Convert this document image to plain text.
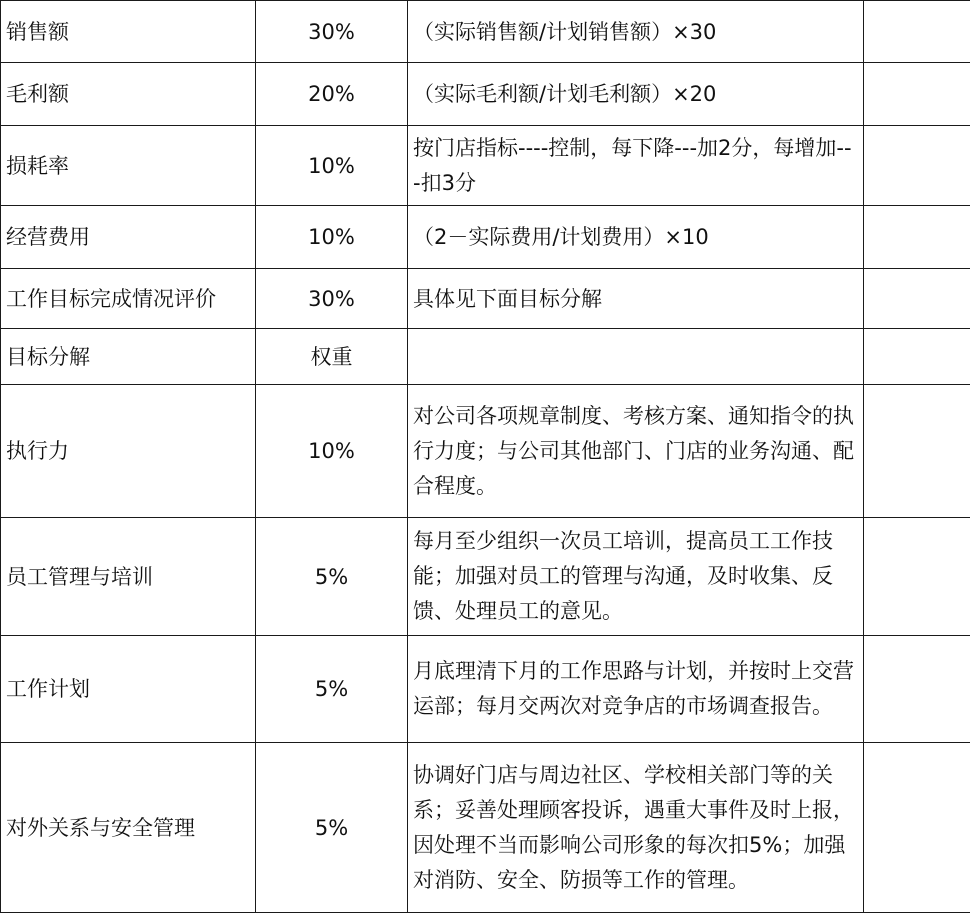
销售额	30%	（实际销售额/计划销售额）×30	
毛利额	20%	（实际毛利额/计划毛利额）×20	
损耗率	10%	按门店指标----控制，每下降---加2分，每增加---扣3分	
经营费用	10%	（2－实际费用/计划费用）×10	
工作目标完成情况评价	30%	具体见下面目标分解	
目标分解	权重		
执行力	10%	对公司各项规章制度、考核方案、通知指令的执行力度；与公司其他部门、门店的业务沟通、配合程度。	
员工管理与培训	5%	每月至少组织一次员工培训，提高员工工作技能；加强对员工的管理与沟通，及时收集、反馈、处理员工的意见。	
工作计划	5%	月底理清下月的工作思路与计划，并按时上交营运部；每月交两次对竞争店的市场调查报告。	
对外关系与安全管理	5%	协调好门店与周边社区、学校相关部门等的关系；妥善处理顾客投诉，遇重大事件及时上报，因处理不当而影响公司形象的每次扣5%；加强对消防、安全、防损等工作的管理。	
